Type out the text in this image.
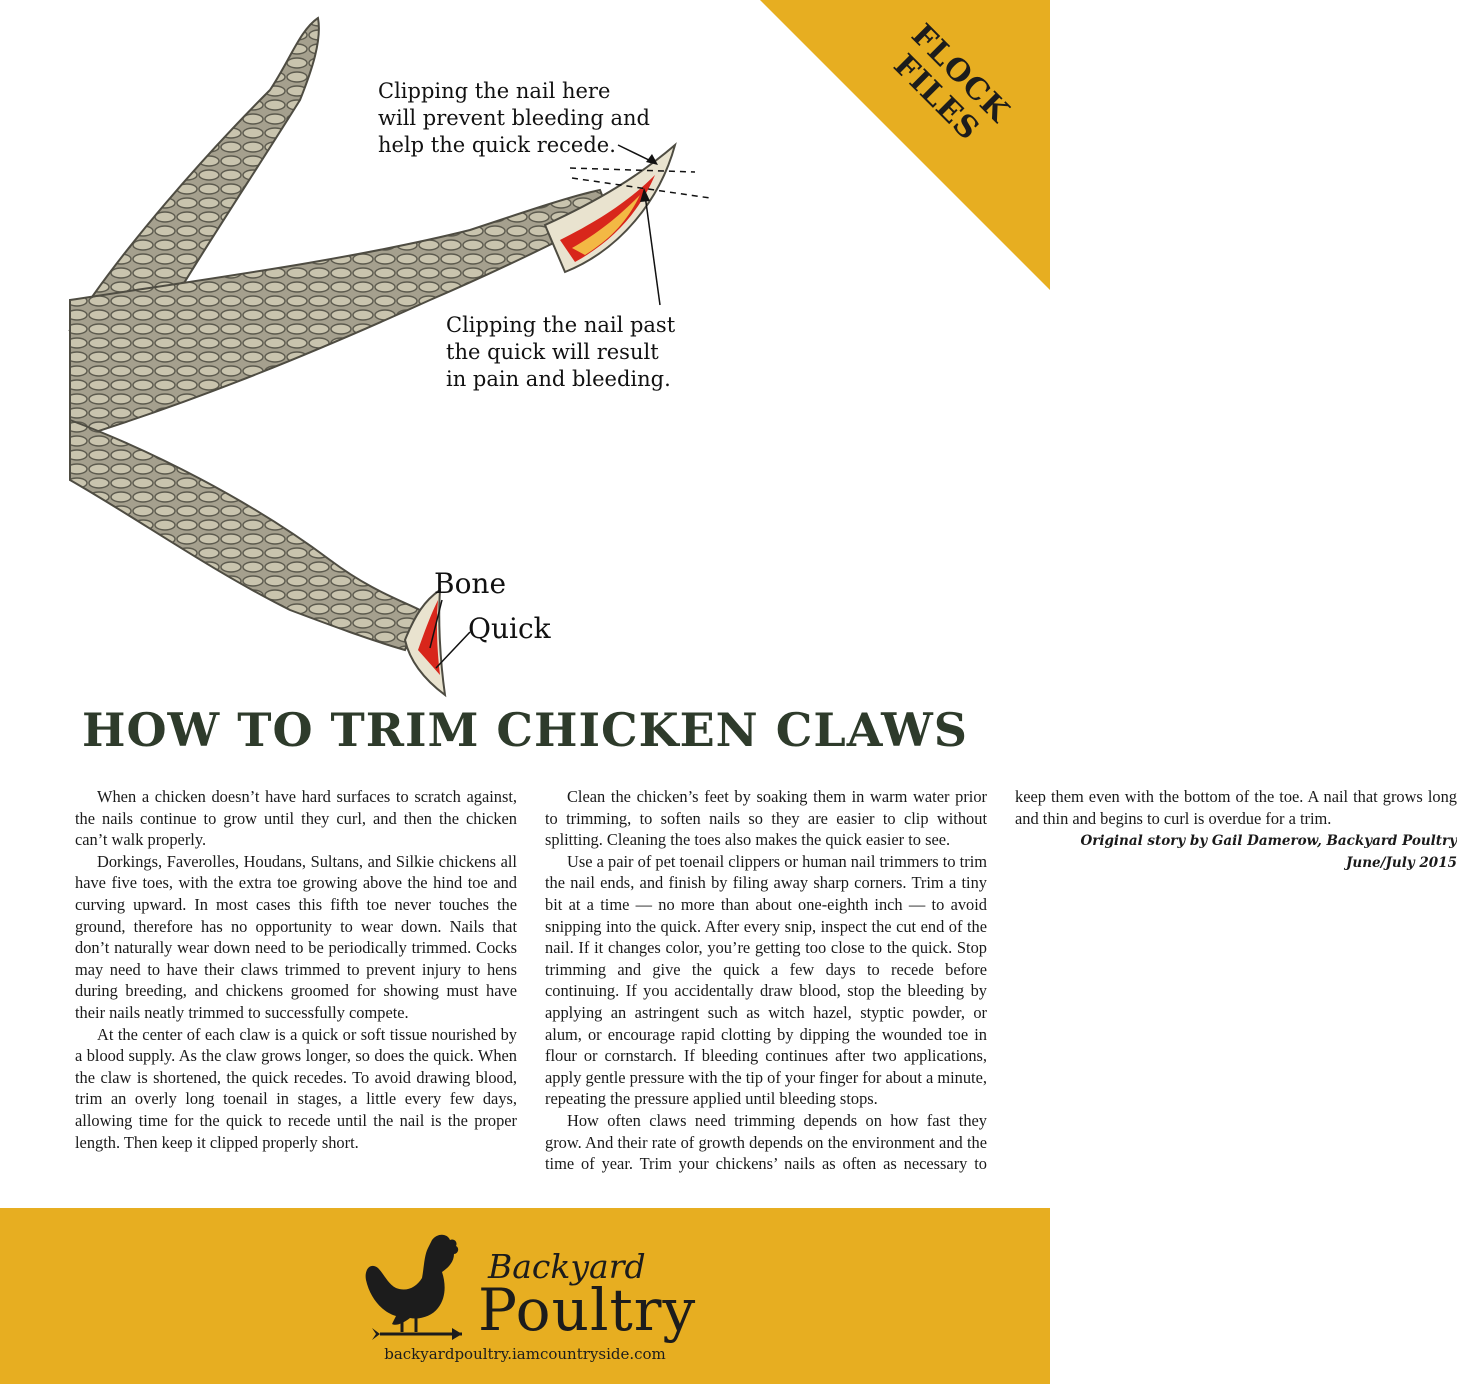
FLOCK FILES
Clipping the nail here
will prevent bleeding and
help the quick recede.
Clipping the nail past
the quick will result
in pain and bleeding.
Bone
Quick
HOW TO TRIM CHICKEN CLAWS

When a chicken doesn’t have hard surfaces to scratch against, the nails continue to grow until they curl, and then the chicken can’t walk properly.

Dorkings, Faverolles, Houdans, Sultans, and Silkie chickens all have five toes, with the extra toe growing above the hind toe and curving upward. In most cases this fifth toe never touches the ground, therefore has no opportunity to wear down. Nails that don’t naturally wear down need to be periodically trimmed. Cocks may need to have their claws trimmed to prevent injury to hens during breeding, and chickens groomed for showing must have their nails neatly trimmed to successfully compete.

At the center of each claw is a quick or soft tissue nourished by a blood supply. As the claw grows longer, so does the quick. When the claw is shortened, the quick recedes. To avoid drawing blood, trim an overly long toenail in stages, a little every few days, allowing time for the quick to recede until the nail is the proper length. Then keep it clipped properly short.

Clean the chicken’s feet by soaking them in warm water prior to trimming, to soften nails so they are easier to clip without splitting. Cleaning the toes also makes the quick easier to see.

Use a pair of pet toenail clippers or human nail trimmers to trim the nail ends, and finish by filing away sharp corners. Trim a tiny bit at a time — no more than about one-eighth inch — to avoid snipping into the quick. After every snip, inspect the cut end of the nail. If it changes color, you’re getting too close to the quick. Stop trimming and give the quick a few days to recede before continuing. If you accidentally draw blood, stop the bleeding by applying an astringent such as witch hazel, styptic powder, or alum, or encourage rapid clotting by dipping the wounded toe in flour or cornstarch. If bleeding continues after two applications, apply gentle pressure with the tip of your finger for about a minute, repeating the pressure applied until bleeding stops.

How often claws need trimming depends on how fast they grow. And their rate of growth depends on the environment and the time of year. Trim your chickens’ nails as often as necessary to keep them even with the bottom of the toe. A nail that grows long and thin and begins to curl is overdue for a trim.

Original story by Gail Damerow, Backyard Poultry June/July 2015
Backyard
Poultry
backyardpoultry.iamcountryside.com
